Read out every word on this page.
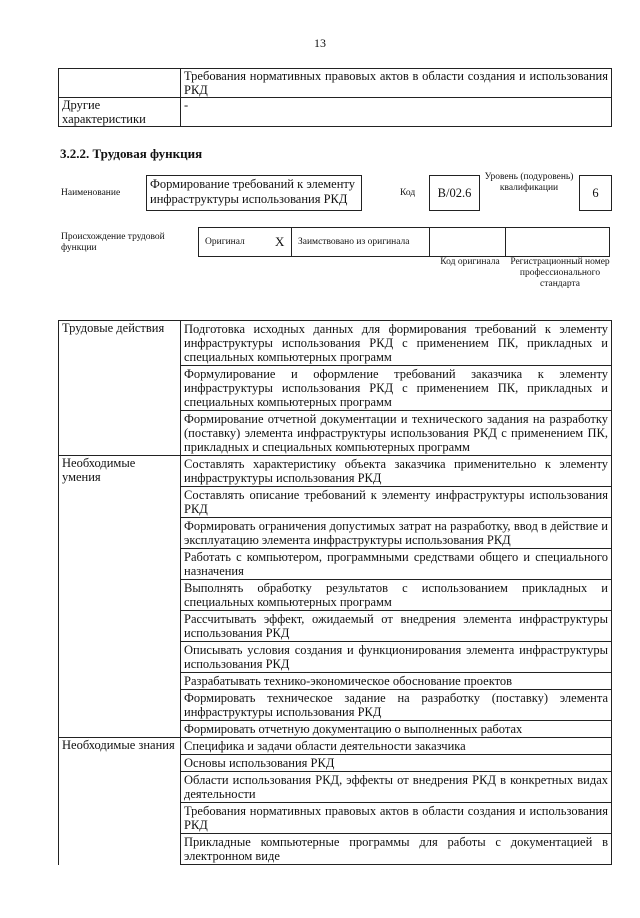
13
	Требования нормативных правовых актов в области создания и использования РКД
Другие характеристики	-
3.2.2. Трудовая функция
Наименование
Формирование требований к элементу инфраструктуры использования РКД	Код	B/02.6
Уровень (подуровень) квалификации	6
Происхождение трудовой функции
Оригинал	X	Заимствовано из оригинала		
Код оригинала	Регистрационный номер профессионального стандарта
Трудовые действия	Подготовка исходных данных для формирования требований к элементу инфраструктуры использования РКД с применением ПК, прикладных и специальных компьютерных программ
	Формулирование и оформление требований заказчика к элементу инфраструктуры использования РКД с применением ПК, прикладных и специальных компьютерных программ
	Формирование отчетной документации и технического задания на разработку (поставку) элемента инфраструктуры использования РКД с применением ПК, прикладных и специальных компьютерных программ
Необходимые умения	Составлять характеристику объекта заказчика применительно к элементу инфраструктуры использования РКД
	Составлять описание требований к элементу инфраструктуры использования РКД
	Формировать ограничения допустимых затрат на разработку, ввод в действие и эксплуатацию элемента инфраструктуры использования РКД
	Работать с компьютером, программными средствами общего и специального назначения
	Выполнять обработку результатов с использованием прикладных и специальных компьютерных программ
	Рассчитывать эффект, ожидаемый от внедрения элемента инфраструктуры использования РКД
	Описывать условия создания и функционирования элемента инфраструктуры использования РКД
	Разрабатывать технико-экономическое обоснование проектов
	Формировать техническое задание на разработку (поставку) элемента инфраструктуры использования РКД
	Формировать отчетную документацию о выполненных работах
Необходимые знания	Специфика и задачи области деятельности заказчика
	Основы использования РКД
	Области использования РКД, эффекты от внедрения РКД в конкретных видах деятельности
	Требования нормативных правовых актов в области создания и использования РКД
	Прикладные компьютерные программы для работы с документацией в электронном виде
